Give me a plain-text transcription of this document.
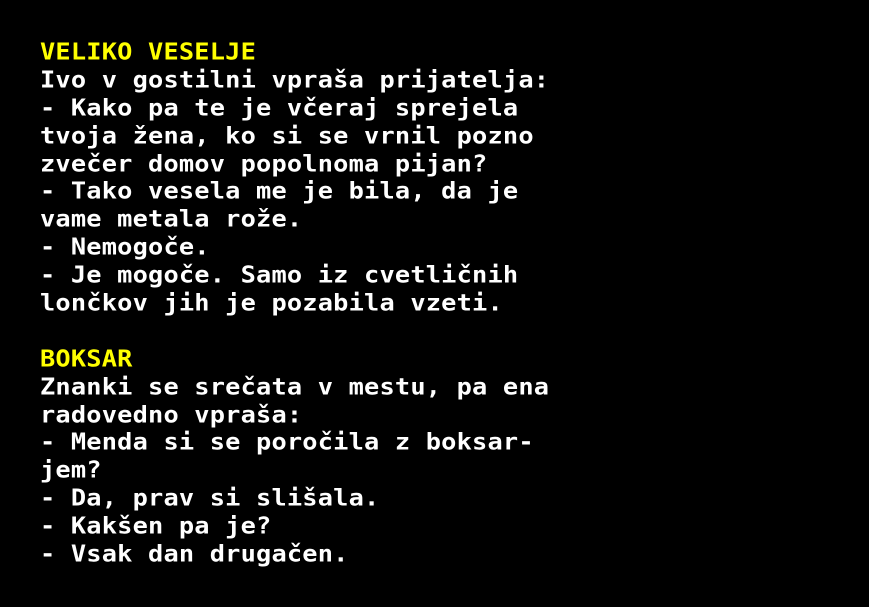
VELIKO VESELJE
Ivo v gostilni vpraša prijatelja:
- Kako pa te je včeraj sprejela
tvoja žena, ko si se vrnil pozno
zvečer domov popolnoma pijan?
- Tako vesela me je bila, da je
vame metala rože.
- Nemogoče.
- Je mogoče. Samo iz cvetličnih
lončkov jih je pozabila vzeti.
BOKSAR
Znanki se srečata v mestu, pa ena
radovedno vpraša:
- Menda si se poročila z boksar-
jem?
- Da, prav si slišala.
- Kakšen pa je?
- Vsak dan drugačen.
